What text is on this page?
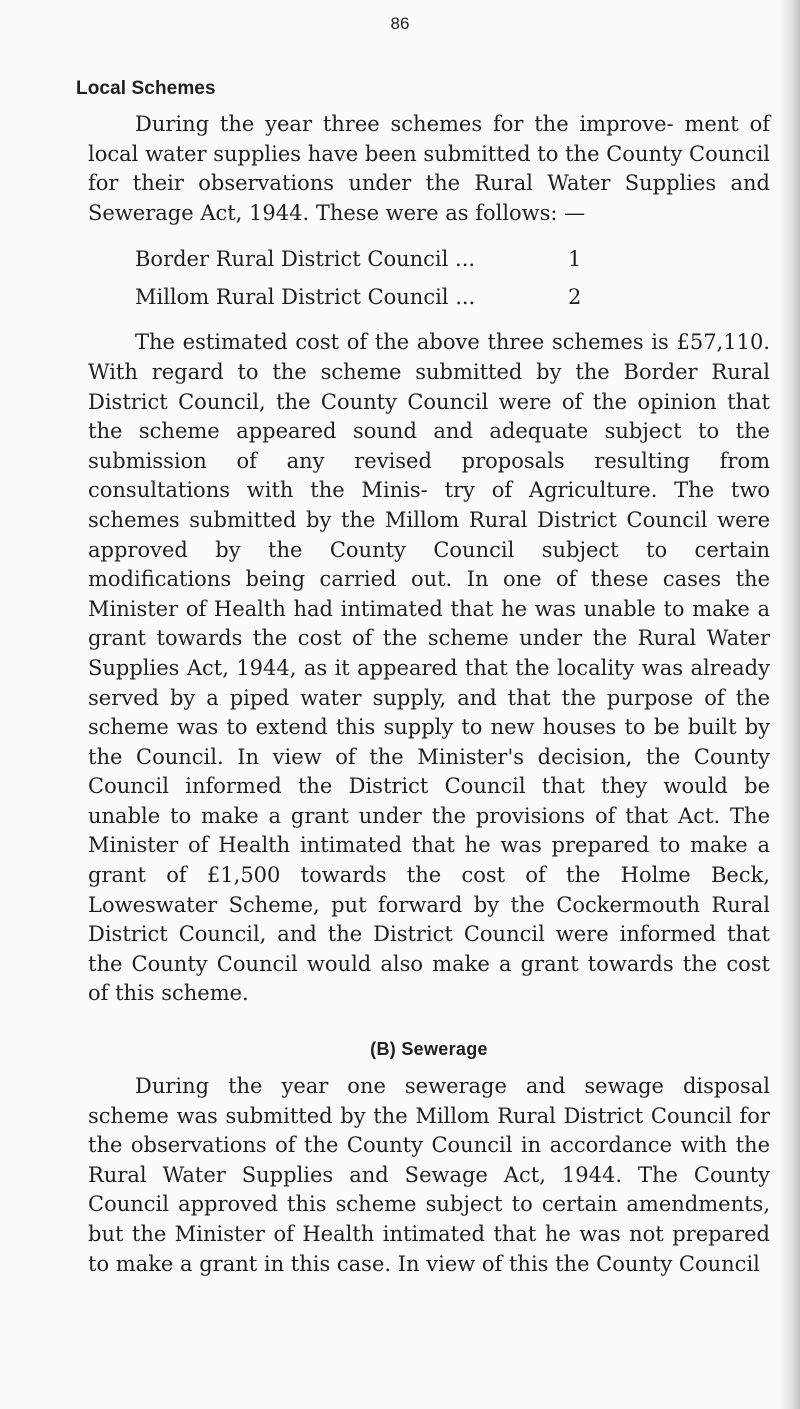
86
Local Schemes

During the year three schemes for the improve- ment of local water supplies have been submitted to the County Council for their observations under the Rural Water Supplies and Sewerage Act, 1944. These were as follows: —

Border Rural District Council ...	1
Millom Rural District Council ...	2

The estimated cost of the above three schemes is £57,110. With regard to the scheme submitted by the Border Rural District Council, the County Council were of the opinion that the scheme appeared sound and adequate subject to the submission of any revised proposals resulting from consultations with the Minis- try of Agriculture. The two schemes submitted by the Millom Rural District Council were approved by the County Council subject to certain modifications being carried out. In one of these cases the Minister of Health had intimated that he was unable to make a grant towards the cost of the scheme under the Rural Water Supplies Act, 1944, as it appeared that the locality was already served by a piped water supply, and that the purpose of the scheme was to extend this supply to new houses to be built by the Council. In view of the Minister's decision, the County Council informed the District Council that they would be unable to make a grant under the provisions of that Act. The Minister of Health intimated that he was prepared to make a grant of £1,500 towards the cost of the Holme Beck, Loweswater Scheme, put forward by the Cockermouth Rural District Council, and the District Council were informed that the County Council would also make a grant towards the cost of this scheme.

(B) Sewerage

During the year one sewerage and sewage disposal scheme was submitted by the Millom Rural District Council for the observations of the County Council in accordance with the Rural Water Supplies and Sewage Act, 1944. The County Council approved this scheme subject to certain amendments, but the Minister of Health intimated that he was not prepared to make a grant in this case. In view of this the County Council
